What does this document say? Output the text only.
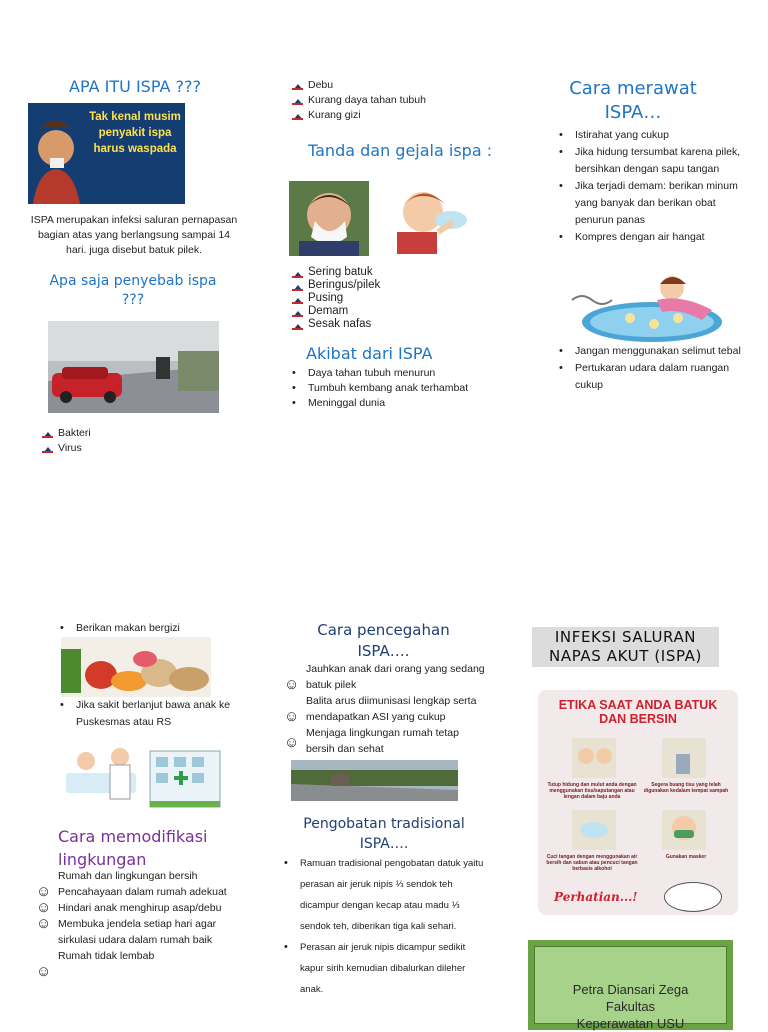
APA ITU ISPA ???
Tak kenal musim
penyakit ispa
harus waspada
ISPA merupakan infeksi saluran pernapasan bagian atas yang berlangsung sampai 14 hari. juga disebut batuk pilek.
Apa saja penyebab ispa ???
Bakteri
Virus
Debu
Kurang daya tahan tubuh
Kurang gizi
Tanda dan gejala ispa :
Sering batuk
Beringus/pilek
Pusing
Demam
Sesak nafas
Akibat dari ISPA
• Daya tahan tubuh menurun
• Tumbuh kembang anak terhambat
• Meninggal dunia
Cara merawat ISPA…
• Istirahat yang cukup
• Jika hidung tersumbat karena pilek, bersihkan dengan sapu tangan
• Jika terjadi demam: berikan minum yang banyak dan berikan obat penurun panas
• Kompres dengan air hangat
• Jangan menggunakan selimut tebal
• Pertukaran udara dalam ruangan cukup
• Berikan makan bergizi
• Jika sakit berlanjut bawa anak ke Puskesmas atau RS
Cara memodifikasi lingkungan
Rumah dan lingkungan bersih
☺ Pencahayaan dalam rumah adekuat
☺ Hindari anak menghirup asap/debu
☺ Membuka jendela setiap hari agar sirkulasi udara dalam rumah baik
Rumah tidak lembab
☺

Cara pencegahan ISPA….
☺
Jauhkan anak dari orang yang sedang batuk pilek
☺
Balita arus diimunisasi lengkap serta mendapatkan ASI yang cukup
☺
Menjaga lingkungan rumah tetap bersih dan sehat
Pengobatan tradisional ISPA….
• Ramuan tradisional pengobatan datuk yaitu perasan air jeruk nipis ⅓ sendok teh dicampur dengan kecap atau madu ⅓ sendok teh, diberikan tiga kali sehari.
• Perasan air jeruk nipis dicampur sedikit kapur sirih kemudian dibalurkan dileher anak.
INFEKSI SALURAN NAPAS AKUT (ISPA)
ETIKA SAAT ANDA BATUK DAN BERSIN
Tutup hidung dan mulut anda dengan menggunakan tisu/saputangan atau lengan dalam baju anda
Segera buang tisu yang telah digunakan kedalam tempat sampah
Cuci tangan dengan menggunakan air bersih dan sabun atau pencuci tangan berbasis alkohol
Gunakan masker
Perhatian...!
Petra Diansari Zega
Fakultas
Keperawatan USU
